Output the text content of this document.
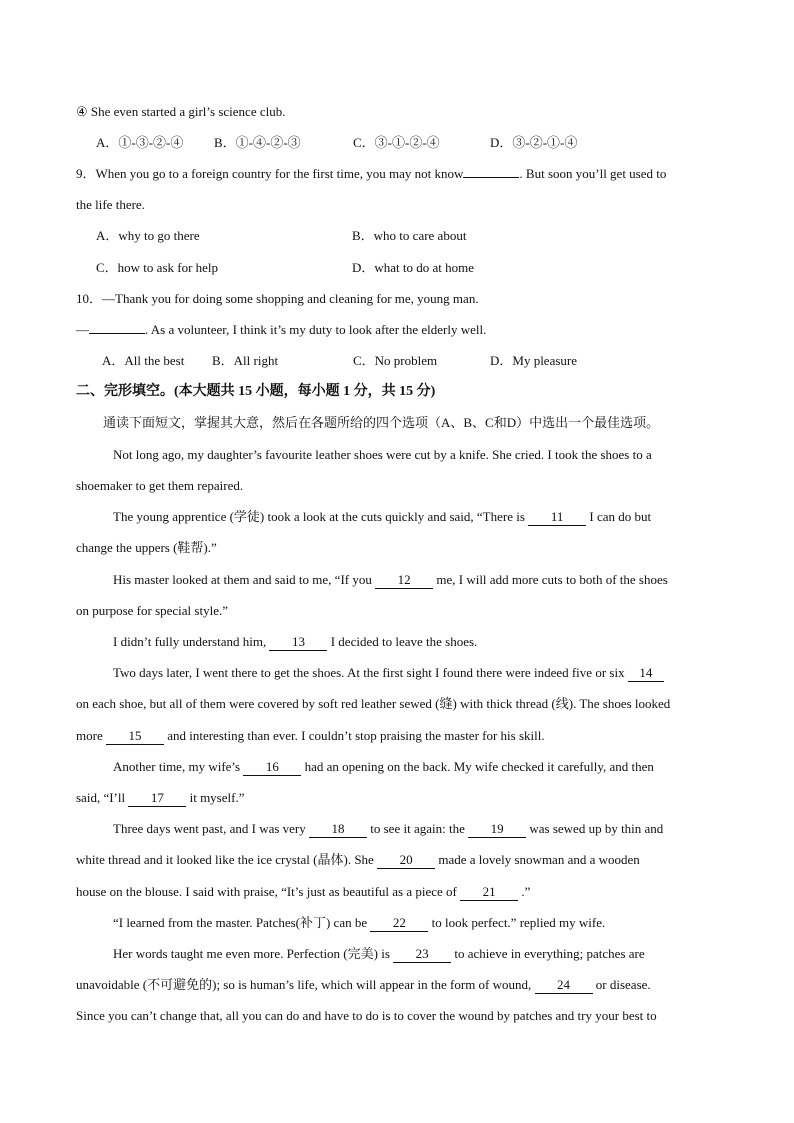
④ She even started a girl’s science club.
A．①-③-②-④ B．①-④-②-③	C．③-①-②-④	D．③-②-①-④
9．When you go to a foreign country for the first time, you may not know	. But soon you’ll get used to
the life there.
A．why to go there	B．who to care about
C．how to ask for help	D．what to do at home
10．—Thank you for doing some shopping and cleaning for me, young man.
—	. As a volunteer, I think it’s my duty to look after the elderly well.
A．All the best B．All right	C．No problem	D．My pleasure
二、完形填空。(本大题共 15 小题，每小题 1 分，共 15 分)
通读下面短文，掌握其大意，然后在各题所给的四个选项（A、B、C和D）中选出一个最佳选项。
Not long ago, my daughter’s favourite leather shoes were cut by a knife. She cried. I took the shoes to a
shoemaker to get them repaired.
The young apprentice (学徒) took a look at the cuts quickly and said, “There is 11 I can do but
change the uppers (鞋帮).”
His master looked at them and said to me, “If you 12 me, I will add more cuts to both of the shoes
on purpose for special style.”
I didn’t fully understand him, 13 I decided to leave the shoes.
Two days later, I went there to get the shoes. At the first sight I found there were indeed five or six 14
on each shoe, but all of them were covered by soft red leather sewed (缝) with thick thread (线). The shoes looked
more 15 and interesting than ever. I couldn’t stop praising the master for his skill.
Another time, my wife’s 16 had an opening on the back. My wife checked it carefully, and then
said, “I’ll 17 it myself.”
Three days went past, and I was very 18 to see it again: the 19 was sewed up by thin and
white thread and it looked like the ice crystal (晶体). She 20 made a lovely snowman and a wooden
house on the blouse. I said with praise, “It’s just as beautiful as a piece of 21 .”
“I learned from the master. Patches(补丁) can be 22 to look perfect.” replied my wife.
Her words taught me even more. Perfection (完美) is 23 to achieve in everything; patches are
unavoidable (不可避免的); so is human’s life, which will appear in the form of wound, 24 or disease.
Since you can’t change that, all you can do and have to do is to cover the wound by patches and try your best to
